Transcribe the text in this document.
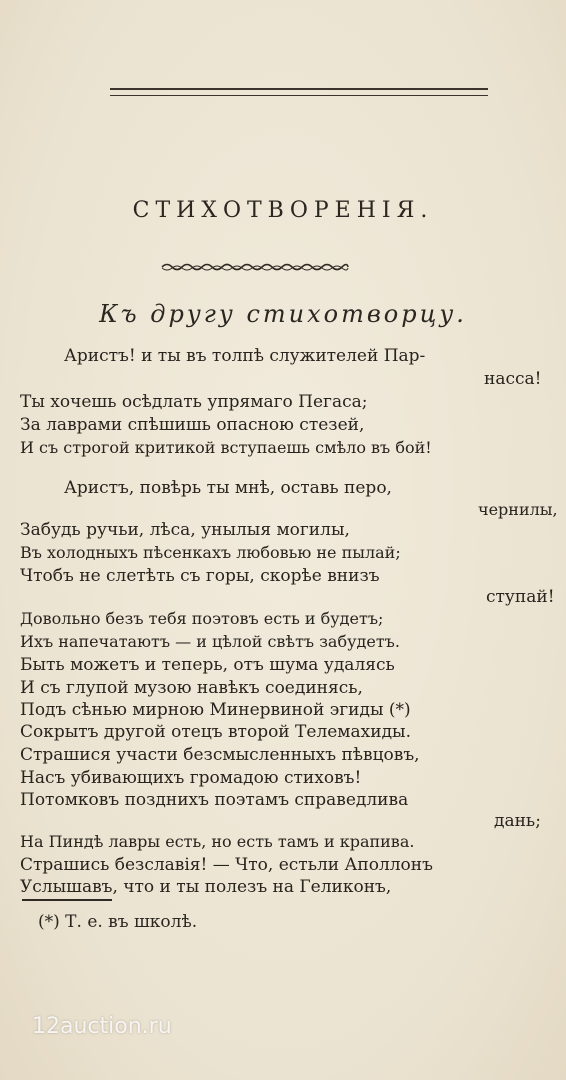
СТИХОТВОРЕНІЯ.
Къ другу стихотворцу.
Аристъ! и ты въ толпѣ служителей Пар-
насса!
Ты хочешь осѣдлать упрямаго Пегаса;
За лаврами спѣшишь опасною стезей,
И съ строгой критикой вступаешь смѣло въ бой!
Аристъ, повѣрь ты мнѣ, оставь перо,
чернилы,
Забудь ручьи, лѣса, унылыя могилы,
Въ холодныхъ пѣсенкахъ любовью не пылай;
Чтобъ не слетѣть съ горы, скорѣе внизъ
ступай!
Довольно безъ тебя поэтовъ есть и будетъ;
Ихъ напечатаютъ — и цѣлой свѣтъ забудетъ.
Быть можетъ и теперь, отъ шума удалясь
И съ глупой музою навѣкъ соединясь,
Подъ сѣнью мирною Минервиной эгиды (*)
Сокрытъ другой отецъ второй Телемахиды.
Страшися участи безсмысленныхъ пѣвцовъ,
Насъ убивающихъ громадою стиховъ!
Потомковъ позднихъ поэтамъ справедлива
дань;
На Пиндѣ лавры есть, но есть тамъ и крапива.
Страшись безславія! — Что, естьли Аполлонъ
Услышавъ, что и ты полезъ на Геликонъ,
(*) Т. е. въ школѣ.
12auction.ru
